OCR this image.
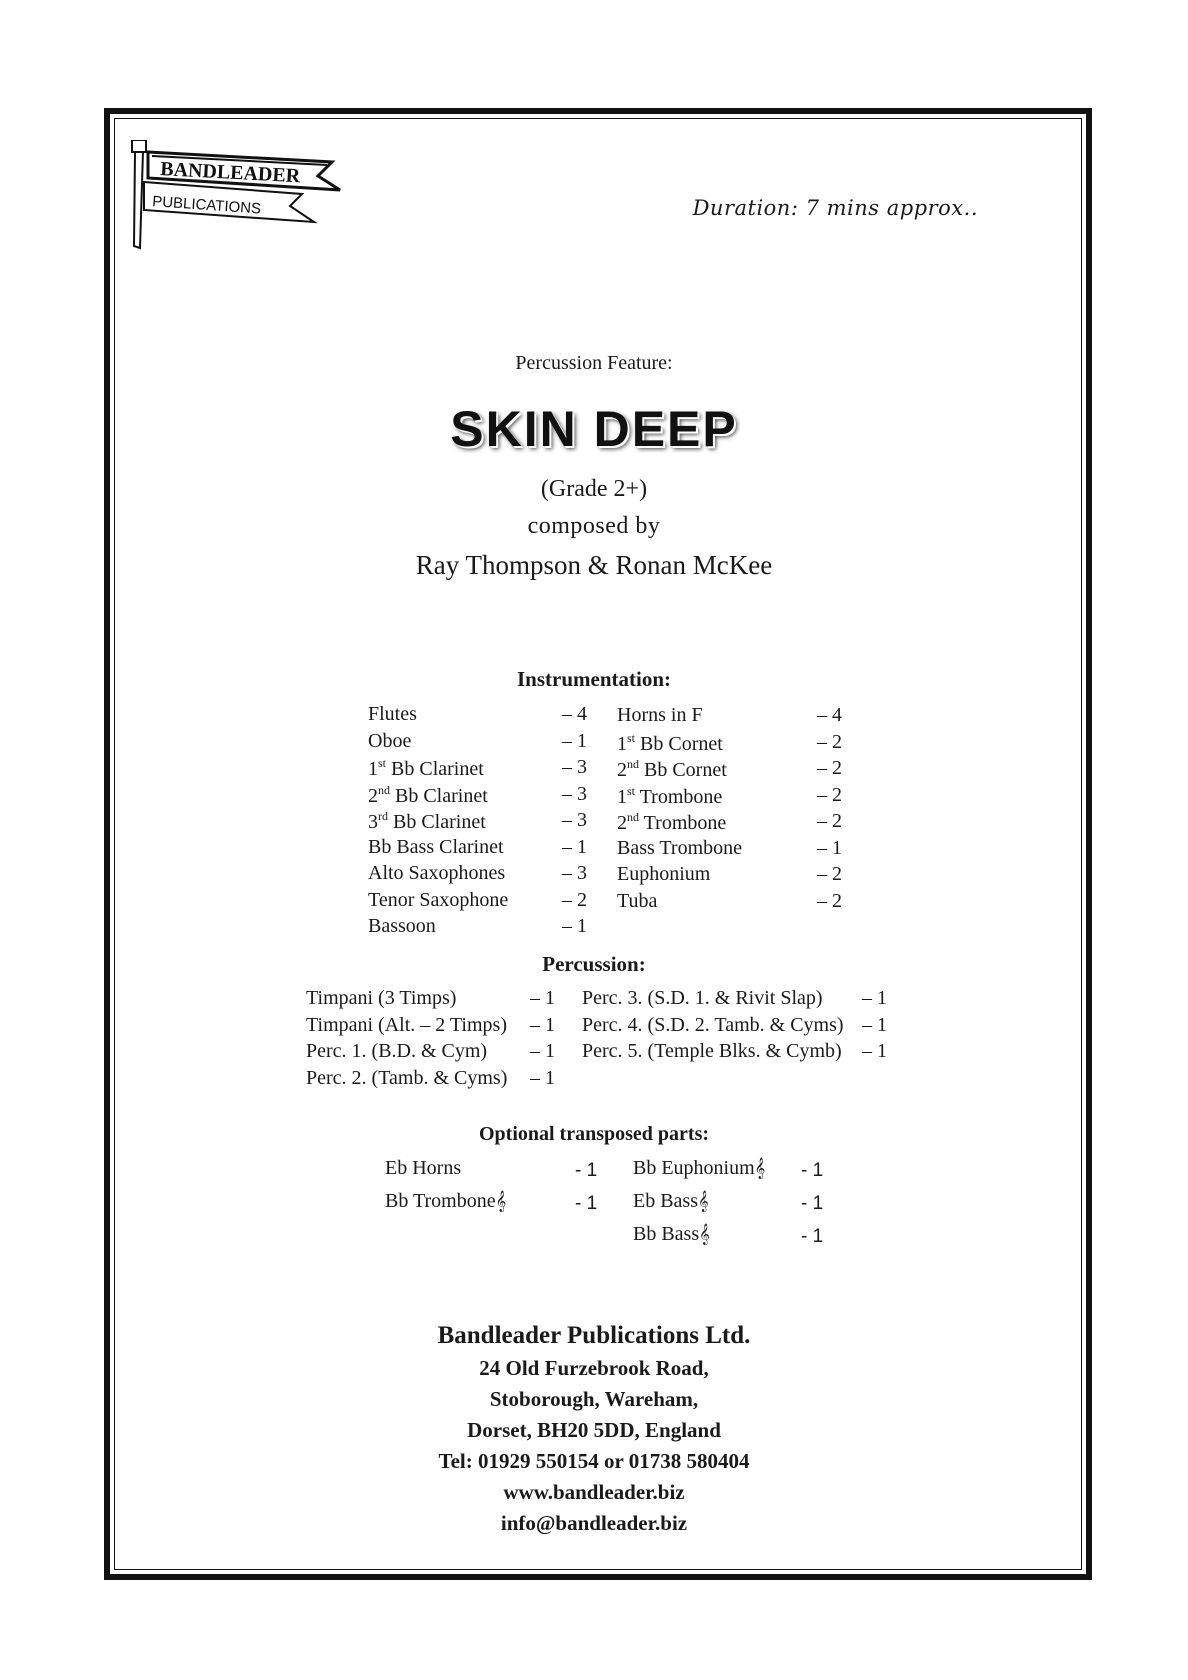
BANDLEADER
PUBLICATIONS	Duration: 7 mins approx..
Percussion Feature:
SKIN DEEP
(Grade 2+)
composed by
Ray Thompson & Ronan McKee
Instrumentation:
Flutes	– 4
Oboe	– 1
1st Bb Clarinet	– 3
2nd Bb Clarinet	– 3
3rd Bb Clarinet	– 3
Bb Bass Clarinet	– 1
Alto Saxophones	– 3
Tenor Saxophone	– 2
Bassoon	– 1
Horns in F	– 4
1st Bb Cornet	– 2
2nd Bb Cornet	– 2
1st Trombone	– 2
2nd Trombone	– 2
Bass Trombone	– 1
Euphonium	– 2
Tuba	– 2
Percussion:
Timpani (3 Timps)	– 1
Timpani (Alt. – 2 Timps) – 1
Perc. 1. (B.D. & Cym) – 1
Perc. 2. (Tamb. & Cyms) – 1
Perc. 3. (S.D. 1. & Rivit Slap) – 1
Perc. 4. (S.D. 2. Tamb. & Cyms) – 1
Perc. 5. (Temple Blks. & Cymb) – 1
Optional transposed parts:
Eb Horns	- 1
Bb Trombone𝄞	- 1
Bb Euphonium𝄞 - 1
Eb Bass𝄞	- 1
Bb Bass𝄞	- 1
Bandleader Publications Ltd.
24 Old Furzebrook Road,
Stoborough, Wareham,
Dorset, BH20 5DD, England
Tel: 01929 550154 or 01738 580404
www.bandleader.biz
info@bandleader.biz
